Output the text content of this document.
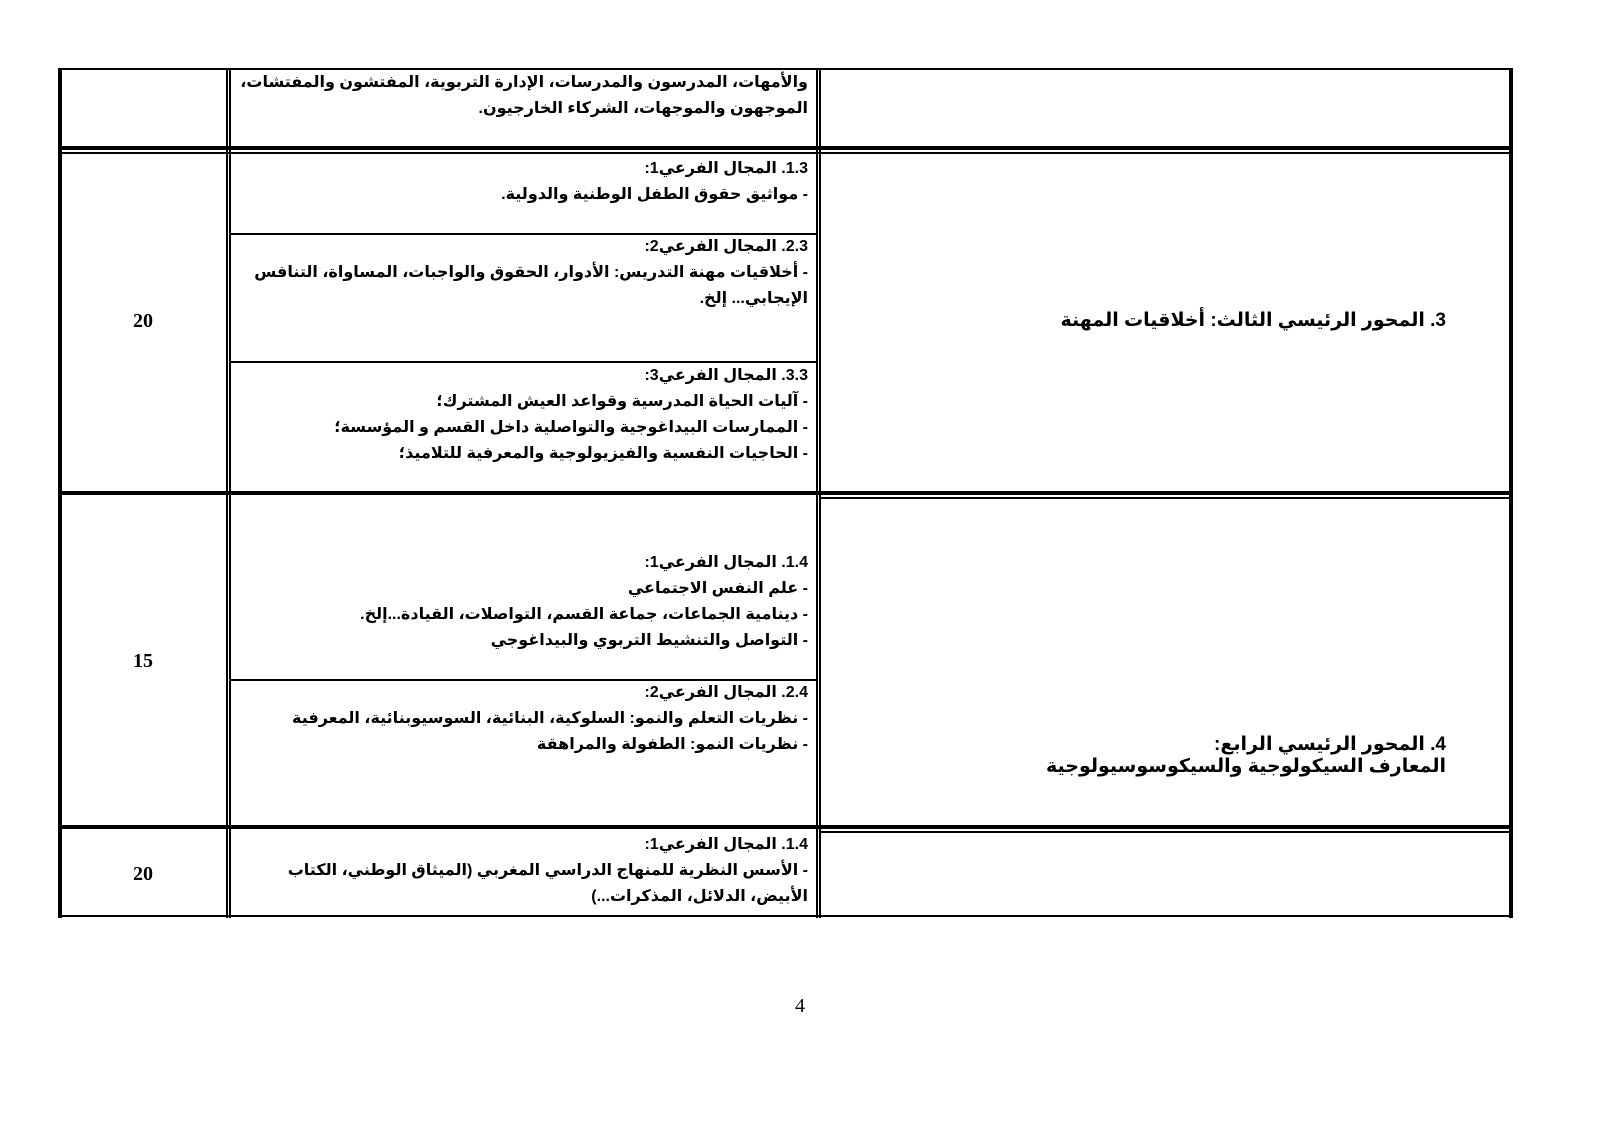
والأمهات، المدرسون والمدرسات، الإدارة التربوية، المفتشون والمفتشات،
الموجهون والموجهات، الشركاء الخارجيون.
20
1.3. المجال الفرعي1:
- مواثيق حقوق الطفل الوطنية والدولية.
2.3. المجال الفرعي2:
- أخلاقيات مهنة التدريس: الأدوار، الحقوق والواجبات، المساواة، التنافس الإيجابي... إلخ.
3.3. المجال الفرعي3:
- آليات الحياة المدرسية وقواعد العيش المشترك؛
- الممارسات البيداغوجية والتواصلية داخل القسم و المؤسسة؛
- الحاجيات النفسية والفيزيولوجية والمعرفية للتلاميذ؛
3. المحور الرئيسي الثالث: أخلاقيات المهنة
15
1.4. المجال الفرعي1:
- علم النفس الاجتماعي
- دينامية الجماعات، جماعة القسم، التواصلات، القيادة...إلخ.
- التواصل والتنشيط التربوي والبيداغوجي
2.4. المجال الفرعي2:
- نظريات التعلم والنمو: السلوكية، البنائية، السوسيوبنائية، المعرفية
- نظريات النمو: الطفولة والمراهقة	4. المحور الرئيسي الرابع:
المعارف السيكولوجية والسيكوسوسيولوجية
20
1.4. المجال الفرعي1:
- الأسس النظرية للمنهاج الدراسي المغربي (الميثاق الوطني، الكتاب الأبيض، الدلائل، المذكرات...)
4
